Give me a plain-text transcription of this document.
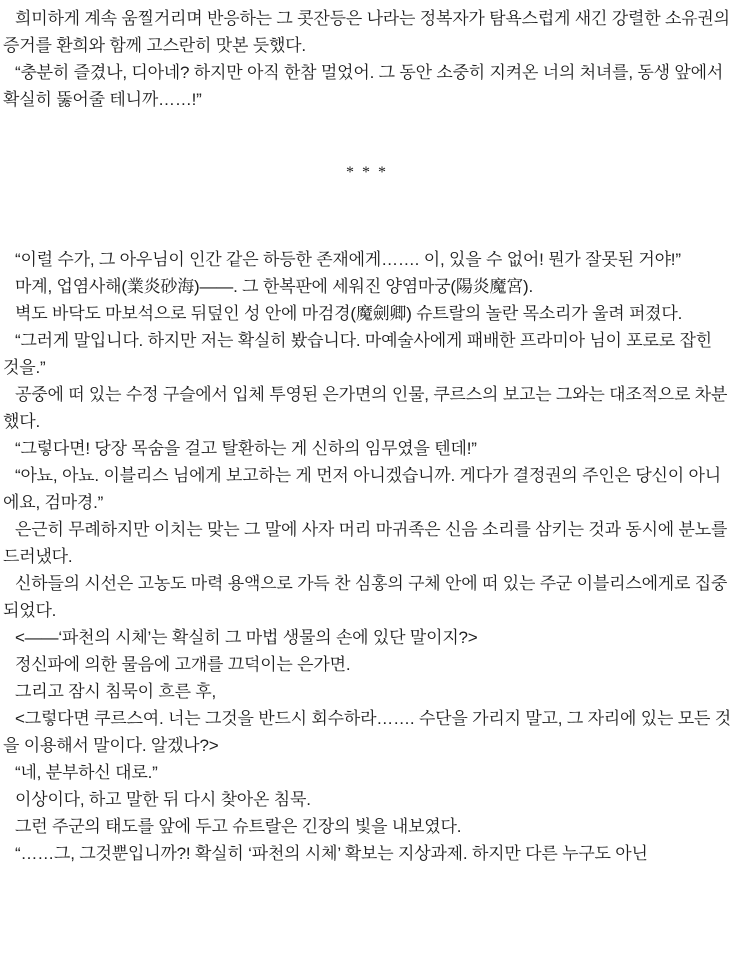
희미하게 계속 움찔거리며 반응하는 그 콧잔등은 나라는 정복자가 탐욕스럽게 새긴 강렬한 소유권의 증거를 환희와 함께 고스란히 맛본 듯했다.

“충분히 즐겼나, 디아네? 하지만 아직 한참 멀었어. 그 동안 소중히 지켜온 너의 처녀를, 동생 앞에서 확실히 뚫어줄 테니까……!”

* * *

“이럴 수가, 그 아우님이 인간 같은 하등한 존재에게……. 이, 있을 수 없어! 뭔가 잘못된 거야!”

마계, 업염사해(業炎砂海)——. 그 한복판에 세워진 양염마궁(陽炎魔宮).

벽도 바닥도 마보석으로 뒤덮인 성 안에 마검경(魔劍卿) 슈트랄의 놀란 목소리가 울려 퍼졌다.

“그러게 말입니다. 하지만 저는 확실히 봤습니다. 마예술사에게 패배한 프라미아 님이 포로로 잡힌 것을.”

공중에 떠 있는 수정 구슬에서 입체 투영된 은가면의 인물, 쿠르스의 보고는 그와는 대조적으로 차분했다.

“그렇다면! 당장 목숨을 걸고 탈환하는 게 신하의 임무였을 텐데!”

“아뇨, 아뇨. 이블리스 님에게 보고하는 게 먼저 아니겠습니까. 게다가 결정권의 주인은 당신이 아니에요, 검마경.”

은근히 무례하지만 이치는 맞는 그 말에 사자 머리 마귀족은 신음 소리를 삼키는 것과 동시에 분노를 드러냈다.

신하들의 시선은 고농도 마력 용액으로 가득 찬 심홍의 구체 안에 떠 있는 주군 이블리스에게로 집중되었다.

<——‘파천의 시체’는 확실히 그 마법 생물의 손에 있단 말이지?>

정신파에 의한 물음에 고개를 끄덕이는 은가면.

그리고 잠시 침묵이 흐른 후,

<그렇다면 쿠르스여. 너는 그것을 반드시 회수하라……. 수단을 가리지 말고, 그 자리에 있는 모든 것을 이용해서 말이다. 알겠나?>

“네, 분부하신 대로.”

이상이다, 하고 말한 뒤 다시 찾아온 침묵.

그런 주군의 태도를 앞에 두고 슈트랄은 긴장의 빛을 내보였다.

“……그, 그것뿐입니까?! 확실히 ‘파천의 시체’ 확보는 지상과제. 하지만 다른 누구도 아닌
